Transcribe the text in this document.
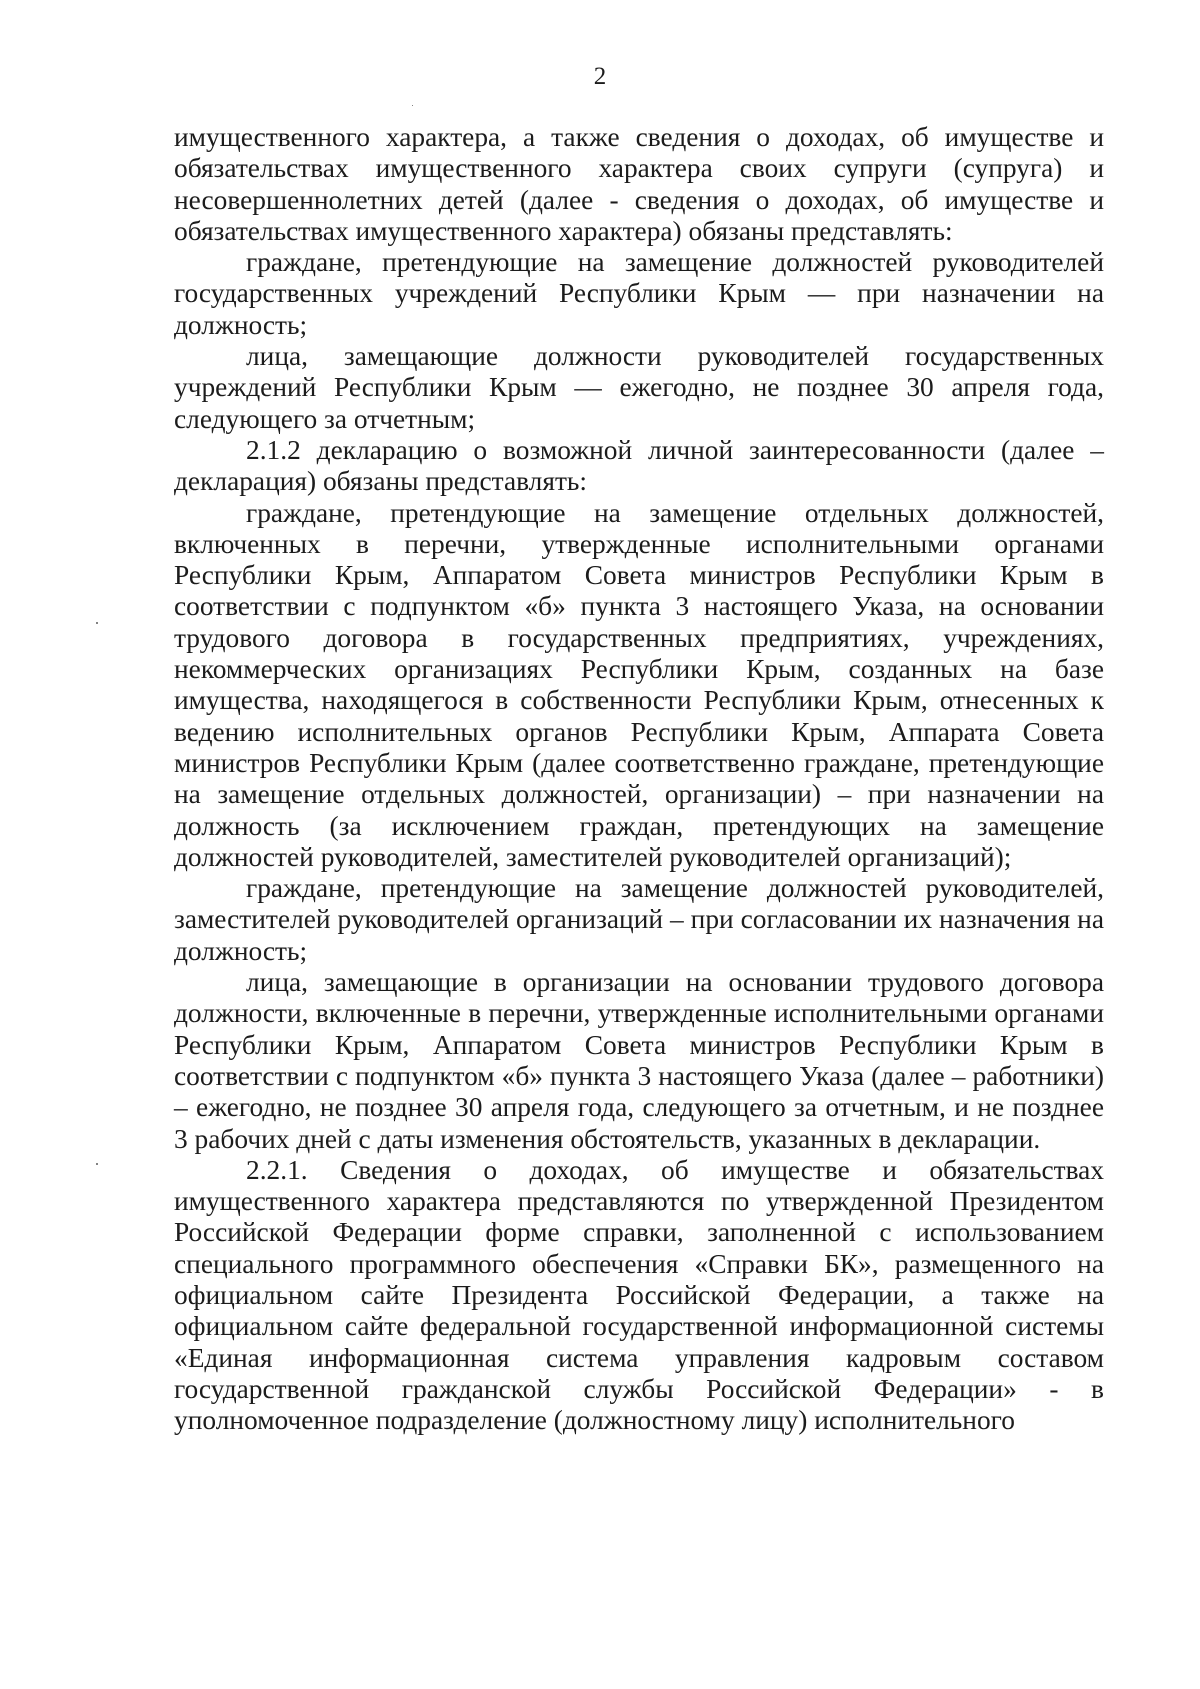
2

имущественного характера, а также сведения о доходах, об имуществе и обязательствах имущественного характера своих супруги (супруга) и несовершеннолетних детей (далее - сведения о доходах, об имуществе и обязательствах имущественного характера) обязаны представлять:

граждане, претендующие на замещение должностей руководителей государственных учреждений Республики Крым — при назначении на должность;

лица, замещающие должности руководителей государственных учреждений Республики Крым — ежегодно, не позднее 30 апреля года, следующего за отчетным;

2.1.2 декларацию о возможной личной заинтересованности (далее – декларация) обязаны представлять:

граждане, претендующие на замещение отдельных должностей, включенных в перечни, утвержденные исполнительными органами Республики Крым, Аппаратом Совета министров Республики Крым в соответствии с подпунктом «б» пункта 3 настоящего Указа, на основании трудового договора в государственных предприятиях, учреждениях, некоммерческих организациях Республики Крым, созданных на базе имущества, находящегося в собственности Республики Крым, отнесенных к ведению исполнительных органов Республики Крым, Аппарата Совета министров Республики Крым (далее соответственно граждане, претендующие на замещение отдельных должностей, организации) – при назначении на должность (за исключением граждан, претендующих на замещение должностей руководителей, заместителей руководителей организаций);

граждане, претендующие на замещение должностей руководителей, заместителей руководителей организаций – при согласовании их назначения на должность;

лица, замещающие в организации на основании трудового договора должности, включенные в перечни, утвержденные исполнительными органами Республики Крым, Аппаратом Совета министров Республики Крым в соответствии с подпунктом «б» пункта 3 настоящего Указа (далее – работники) – ежегодно, не позднее 30 апреля года, следующего за отчетным, и не позднее 3 рабочих дней с даты изменения обстоятельств, указанных в декларации.

2.2.1. Сведения о доходах, об имуществе и обязательствах имущественного характера представляются по утвержденной Президентом Российской Федерации форме справки, заполненной с использованием специального программного обеспечения «Справки БК», размещенного на официальном сайте Президента Российской Федерации, а также на официальном сайте федеральной государственной информационной системы «Единая информационная система управления кадровым составом государственной гражданской службы Российской Федерации» - в уполномоченное подразделение (должностному лицу) исполнительного
